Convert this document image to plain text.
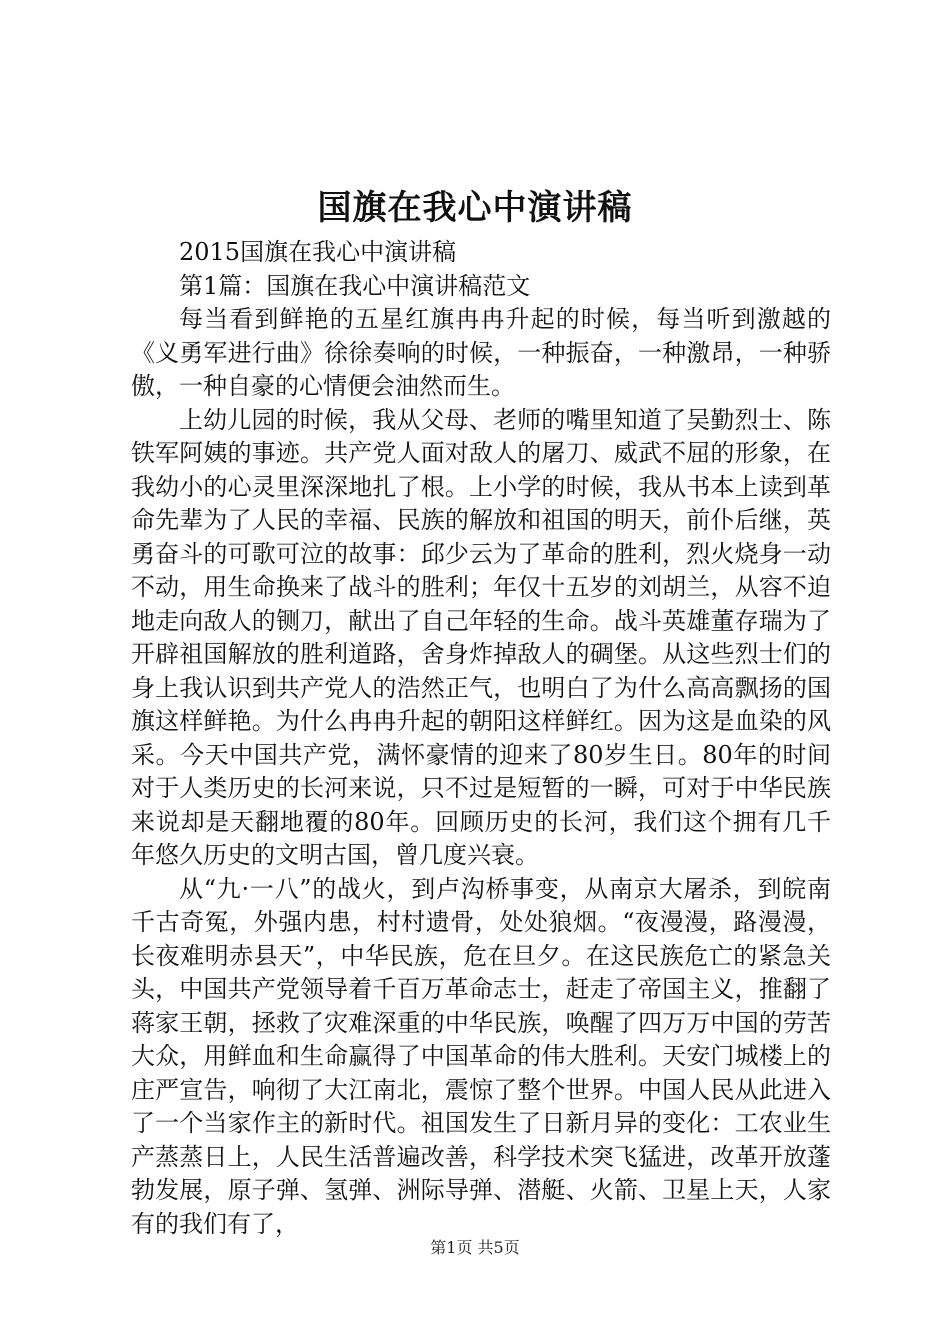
国旗在我心中演讲稿

2015国旗在我心中演讲稿

第1篇：国旗在我心中演讲稿范文

每当看到鲜艳的五星红旗冉冉升起的时候，每当听到激越的《义勇军进行曲》徐徐奏响的时候，一种振奋，一种激昂，一种骄傲，一种自豪的心情便会油然而生。

上幼儿园的时候，我从父母、老师的嘴里知道了吴勤烈士、陈铁军阿姨的事迹。共产党人面对敌人的屠刀、威武不屈的形象，在我幼小的心灵里深深地扎了根。上小学的时候，我从书本上读到革命先辈为了人民的幸福、民族的解放和祖国的明天，前仆后继，英勇奋斗的可歌可泣的故事：邱少云为了革命的胜利，烈火烧身一动不动，用生命换来了战斗的胜利；年仅十五岁的刘胡兰，从容不迫地走向敌人的铡刀，献出了自己年轻的生命。战斗英雄董存瑞为了开辟祖国解放的胜利道路，舍身炸掉敌人的碉堡。从这些烈士们的身上我认识到共产党人的浩然正气，也明白了为什么高高飘扬的国旗这样鲜艳。为什么冉冉升起的朝阳这样鲜红。因为这是血染的风采。今天中国共产党，满怀豪情的迎来了80岁生日。80年的时间对于人类历史的长河来说，只不过是短暂的一瞬，可对于中华民族来说却是天翻地覆的80年。回顾历史的长河，我们这个拥有几千年悠久历史的文明古国，曾几度兴衰。

从“九·一八”的战火，到卢沟桥事变，从南京大屠杀，到皖南千古奇冤，外强内患，村村遗骨，处处狼烟。“夜漫漫，路漫漫，长夜难明赤县天”，中华民族，危在旦夕。在这民族危亡的紧急关头，中国共产党领导着千百万革命志士，赶走了帝国主义，推翻了蒋家王朝，拯救了灾难深重的中华民族，唤醒了四万万中国的劳苦大众，用鲜血和生命赢得了中国革命的伟大胜利。天安门城楼上的庄严宣告，响彻了大江南北，震惊了整个世界。中国人民从此进入了一个当家作主的新时代。祖国发生了日新月异的变化：工农业生产蒸蒸日上，人民生活普遍改善，科学技术突飞猛进，改革开放蓬勃发展，原子弹、氢弹、洲际导弹、潜艇、火箭、卫星上天，人家有的我们有了，

第1页 共5页
